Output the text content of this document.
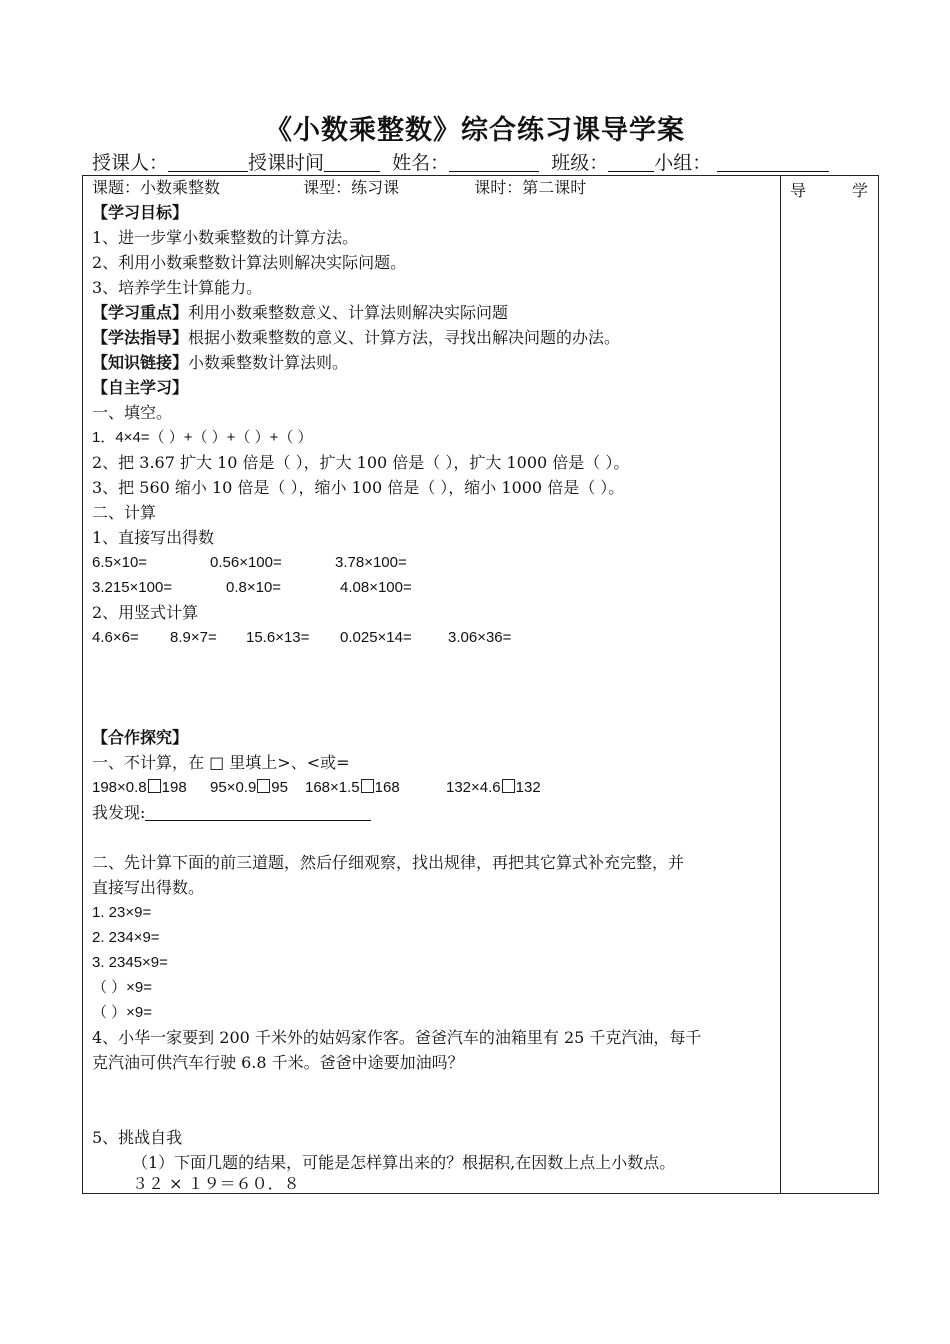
《小数乘整数》综合练习课导学案
授课人：	授课时间	姓名：	班级： 小组：
导	学
课题：小数乘整数	课型：练习课	课时：第二课时
【学习目标】
1、进一步掌小数乘整数的计算方法。
2、利用小数乘整数计算法则解决实际问题。
3、培养学生计算能力。
【学习重点】利用小数乘整数意义、计算法则解决实际问题
【学法指导】根据小数乘整数的意义、计算方法，寻找出解决问题的办法。
【知识链接】小数乘整数计算法则。
【自主学习】
一、填空。
1．4×4=（ ）+（ ）+（ ）+（ ）
2、把 3.67 扩大 10 倍是（ ），扩大 100 倍是（ ），扩大 1000 倍是（ ）。
3、把 560 缩小 10 倍是（ ），缩小 100 倍是（ ），缩小 1000 倍是（ ）。
二、计算
1、直接写出得数
6.5×10=	0.56×100=	3.78×100=
3.215×100=	0.8×10=	4.08×100=
2、用竖式计算
4.6×6= 8.9×7= 15.6×13= 0.025×14= 3.06×36=
【合作探究】
一、不计算，在 □ 里填上>、<或=
198×0.8 198 95×0.9 95 168×1.5 168	132×4.6 132
我发现:
二、先计算下面的前三道题，然后仔细观察，找出规律，再把其它算式补充完整，并
直接写出得数。
1. 23×9=
2. 234×9=
3. 2345×9=
（ ）×9=
（ ）×9=
4、小华一家要到 200 千米外的姑妈家作客。爸爸汽车的油箱里有 25 千克汽油，每千
克汽油可供汽车行驶 6.8 千米。爸爸中途要加油吗？
5、挑战自我
（1）下面几题的结果，可能是怎样算出来的？根据积,在因数上点上小数点。
３２ × １９＝６０．８
